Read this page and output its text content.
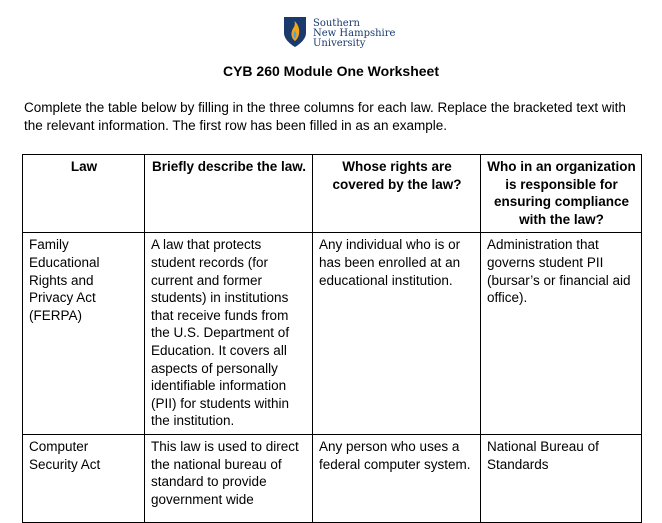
Southern
New Hampshire
University
CYB 260 Module One Worksheet
Complete the table below by filling in the three columns for each law. Replace the bracketed text with the relevant information. The first row has been filled in as an example.
Law	Briefly describe the law.	Whose rights are covered by the law?	Who in an organization is responsible for ensuring compliance with the law?
Family Educational Rights and Privacy Act (FERPA)	A law that protects student records (for current and former students) in institutions that receive funds from the U.S. Department of Education. It covers all aspects of personally identifiable information (PII) for students within the institution.	Any individual who is or has been enrolled at an educational institution.	Administration that governs student PII (bursar’s or financial aid office).
Computer Security Act	This law is used to direct the national bureau of standard to provide government wide	Any person who uses a federal computer system.	National Bureau of Standards
